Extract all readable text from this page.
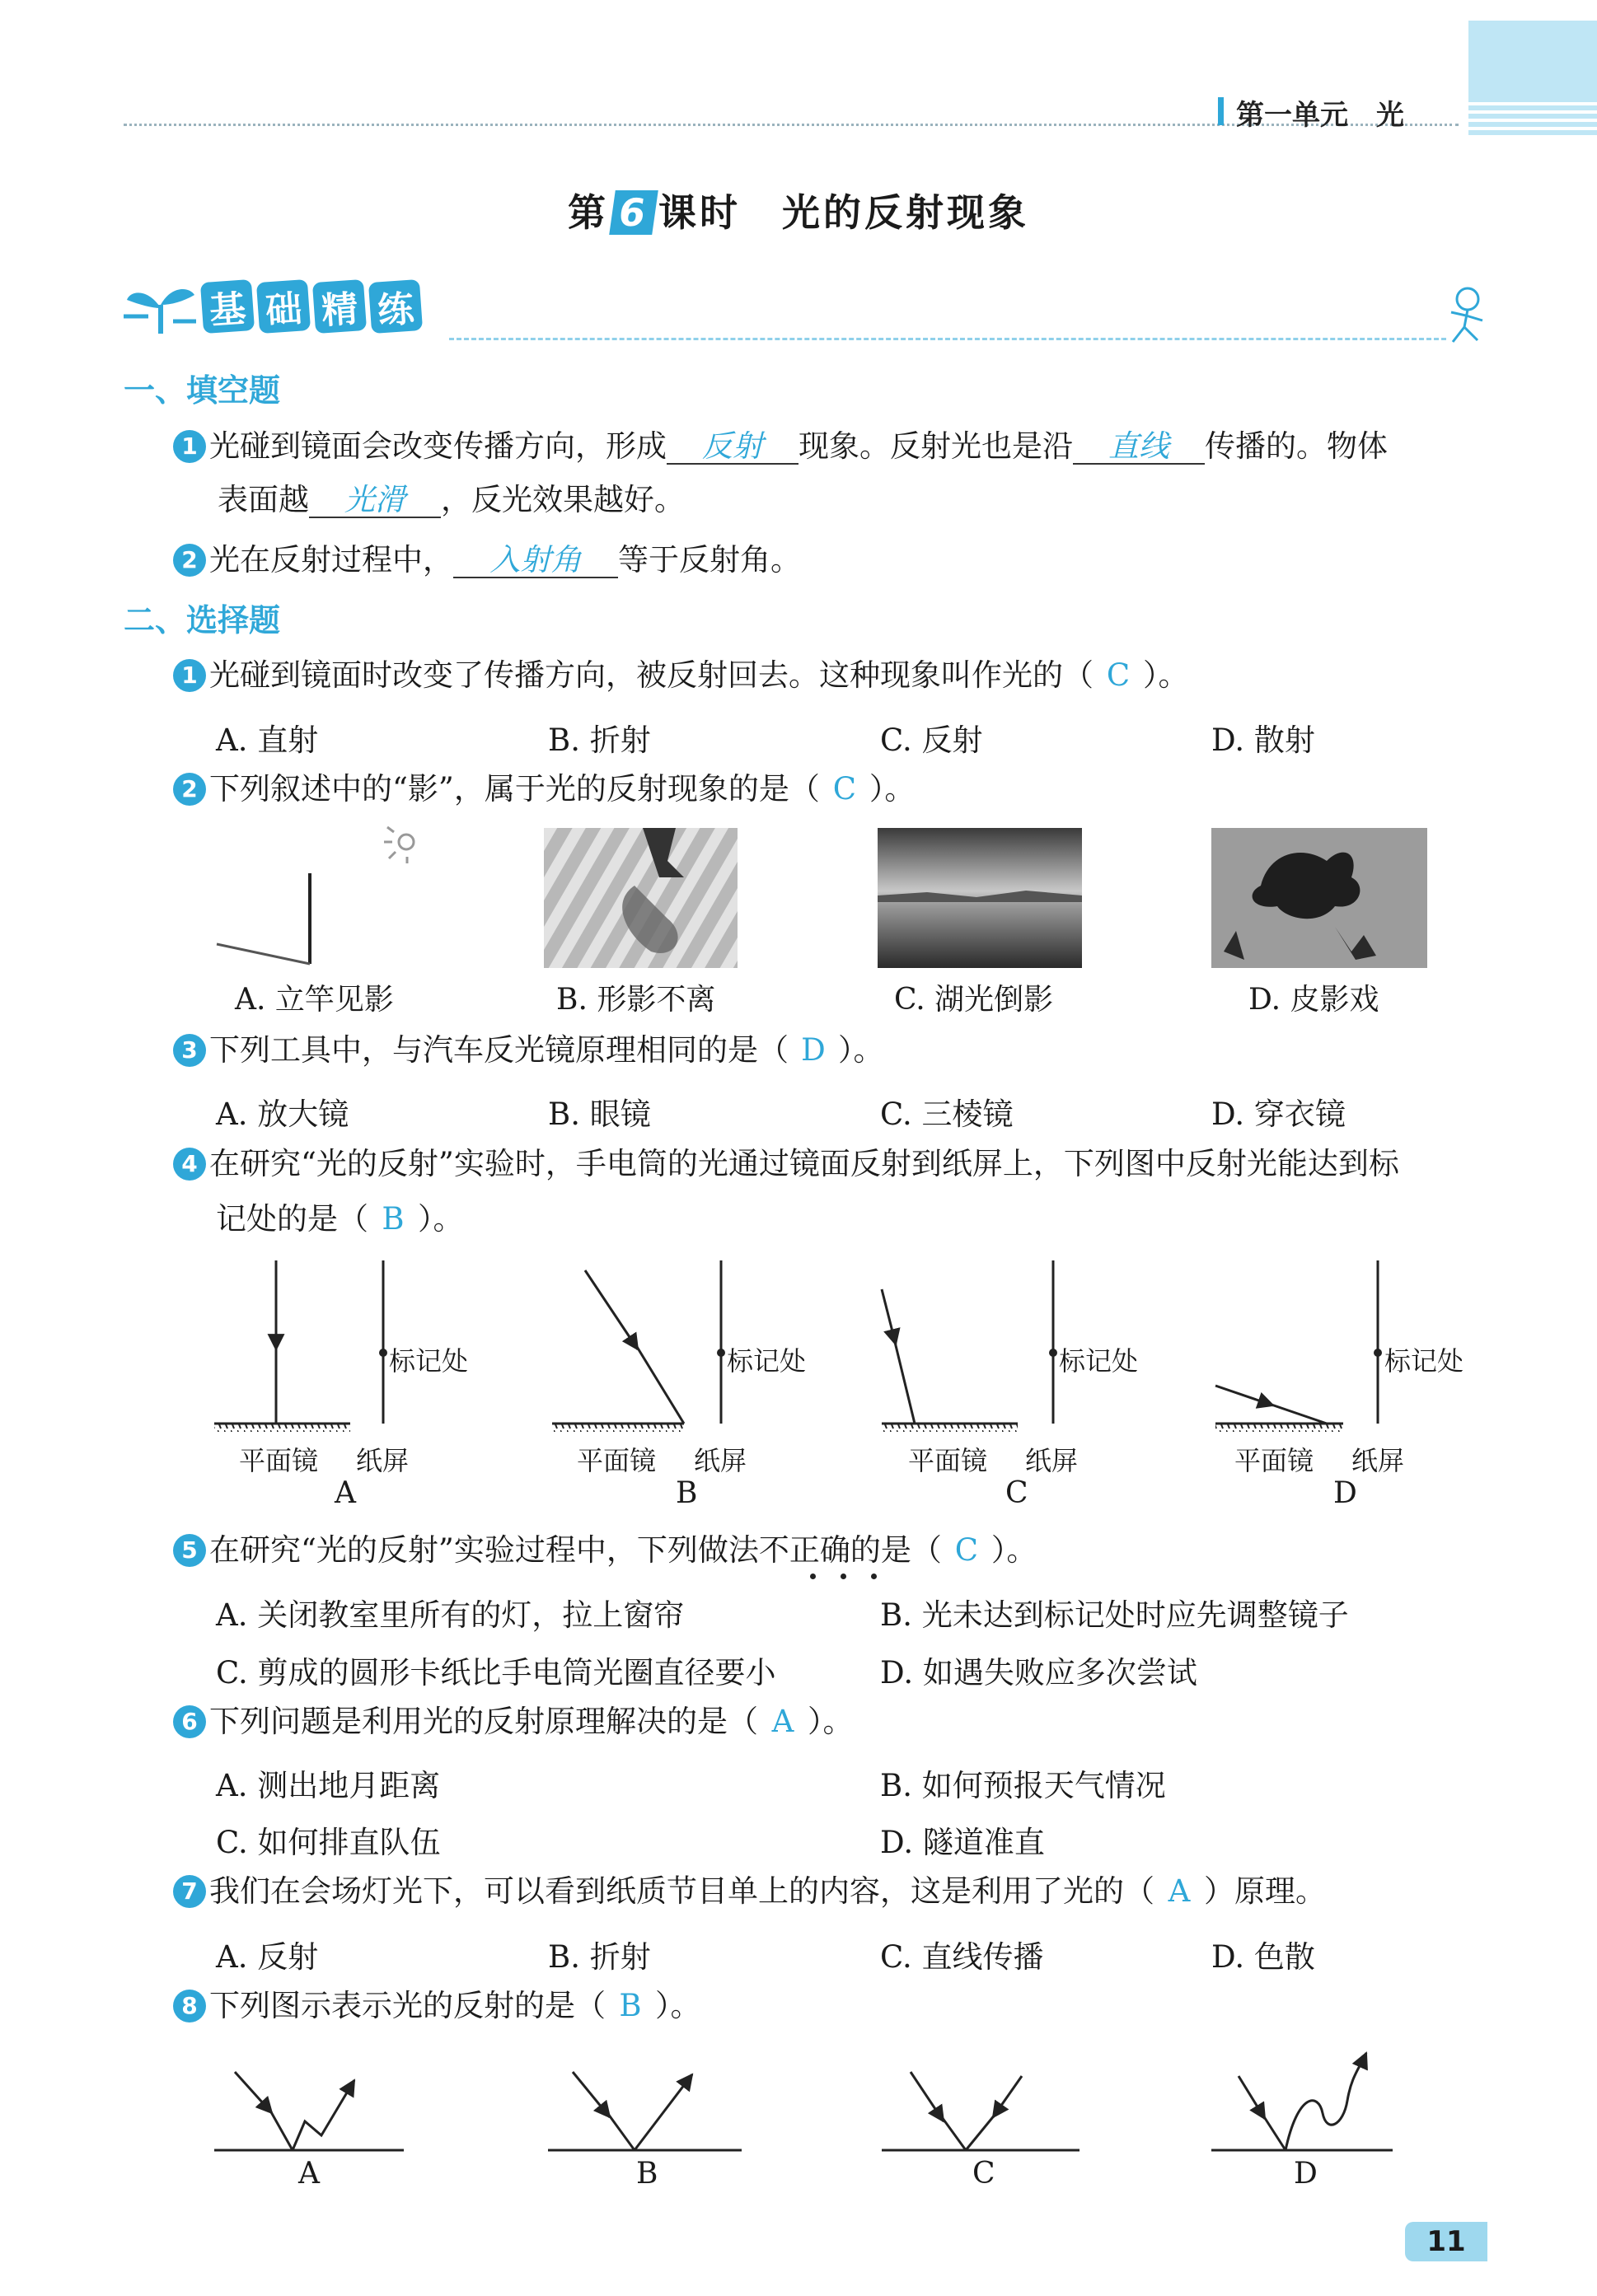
第一单元　光
第 6 课时　光的反射现象
基 础 精 练
一、填空题
1 光碰到镜面会改变传播方向，形成 反射 现象。反射光也是沿 直线 传播的。物体
表面越 光滑 ，反光效果越好。
2 光在反射过程中， 入射角 等于反射角。
二、选择题
1 光碰到镜面时改变了传播方向，被反射回去。这种现象叫作光的（ C ）。
A. 直射	B. 折射	C. 反射	D. 散射
2 下列叙述中的“影”，属于光的反射现象的是（ C ）。
A. 立竿见影	B. 形影不离	C. 湖光倒影	D. 皮影戏
3 下列工具中，与汽车反光镜原理相同的是（ D ）。
A. 放大镜	B. 眼镜	C. 三棱镜	D. 穿衣镜
4 在研究“光的反射”实验时，手电筒的光通过镜面反射到纸屏上，下列图中反射光能达到标
记处的是（ B ）。
标记处	标记处	标记处	标记处
平面镜 纸屏	平面镜 纸屏	平面镜 纸屏	平面镜 纸屏
A	B	C	D
5 在研究“光的反射”实验过程中，下列做法不正确的是（ C ）。
A. 关闭教室里所有的灯，拉上窗帘	B. 光未达到标记处时应先调整镜子
C. 剪成的圆形卡纸比手电筒光圈直径要小	D. 如遇失败应多次尝试
6 下列问题是利用光的反射原理解决的是（ A ）。
A. 测出地月距离	B. 如何预报天气情况
C. 如何排直队伍	D. 隧道准直
7 我们在会场灯光下，可以看到纸质节目单上的内容，这是利用了光的（ A ）原理。
A. 反射	B. 折射	C. 直线传播	D. 色散
8 下列图示表示光的反射的是（ B ）。
A	B	C	D
11
